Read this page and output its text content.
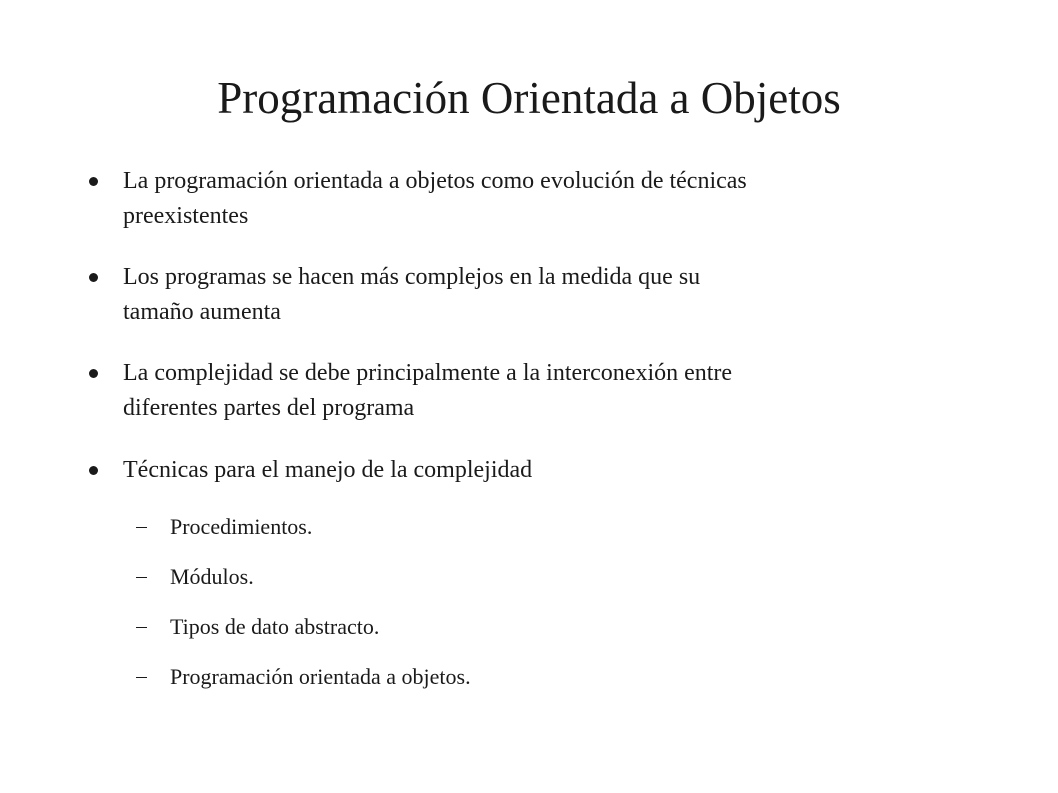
Programación Orientada a Objetos
La programación orientada a objetos como evolución de técnicas
preexistentes
Los programas se hacen más complejos en la medida que su
tamaño aumenta
La complejidad se debe principalmente a la interconexión entre
diferentes partes del programa
Técnicas para el manejo de la complejidad
Procedimientos.
Módulos.
Tipos de dato abstracto.
Programación orientada a objetos.
